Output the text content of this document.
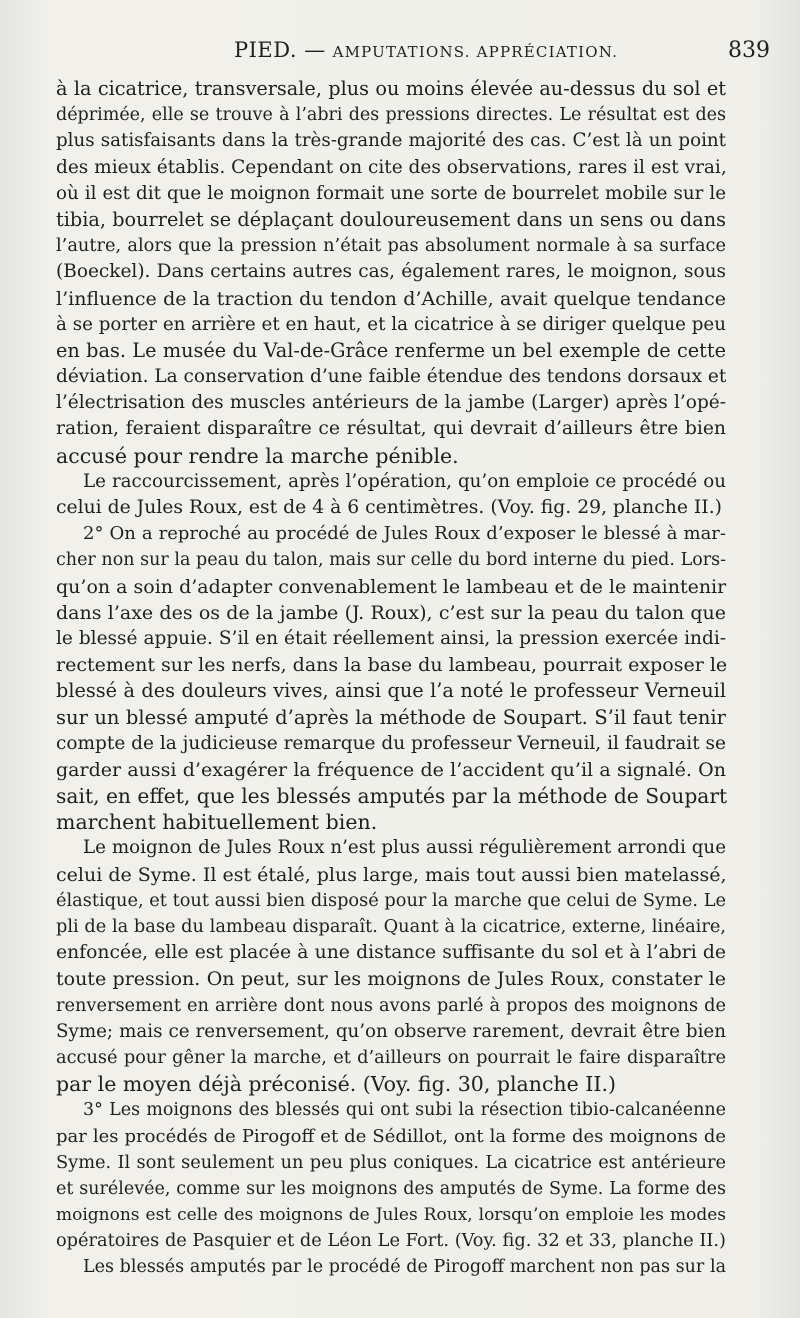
PIED. — AMPUTATIONS. APPRÉCIATION.	839
à la cicatrice, transversale, plus ou moins élevée au-dessus du sol et
déprimée, elle se trouve à l’abri des pressions directes. Le résultat est des
plus satisfaisants dans la très-grande majorité des cas. C’est là un point
des mieux établis. Cependant on cite des observations, rares il est vrai,
où il est dit que le moignon formait une sorte de bourrelet mobile sur le
tibia, bourrelet se déplaçant douloureusement dans un sens ou dans
l’autre, alors que la pression n’était pas absolument normale à sa surface
(Boeckel). Dans certains autres cas, également rares, le moignon, sous
l’influence de la traction du tendon d’Achille, avait quelque tendance
à se porter en arrière et en haut, et la cicatrice à se diriger quelque peu
en bas. Le musée du Val-de-Grâce renferme un bel exemple de cette
déviation. La conservation d’une faible étendue des tendons dorsaux et
l’électrisation des muscles antérieurs de la jambe (Larger) après l’opé-
ration, feraient disparaître ce résultat, qui devrait d’ailleurs être bien
accusé pour rendre la marche pénible.
Le raccourcissement, après l’opération, qu’on emploie ce procédé ou
celui de Jules Roux, est de 4 à 6 centimètres. (Voy. fig. 29, planche II.)
2° On a reproché au procédé de Jules Roux d’exposer le blessé à mar-
cher non sur la peau du talon, mais sur celle du bord interne du pied. Lors-
qu’on a soin d’adapter convenablement le lambeau et de le maintenir
dans l’axe des os de la jambe (J. Roux), c’est sur la peau du talon que
le blessé appuie. S’il en était réellement ainsi, la pression exercée indi-
rectement sur les nerfs, dans la base du lambeau, pourrait exposer le
blessé à des douleurs vives, ainsi que l’a noté le professeur Verneuil
sur un blessé amputé d’après la méthode de Soupart. S’il faut tenir
compte de la judicieuse remarque du professeur Verneuil, il faudrait se
garder aussi d’exagérer la fréquence de l’accident qu’il a signalé. On
sait, en effet, que les blessés amputés par la méthode de Soupart
marchent habituellement bien.
Le moignon de Jules Roux n’est plus aussi régulièrement arrondi que
celui de Syme. Il est étalé, plus large, mais tout aussi bien matelassé,
élastique, et tout aussi bien disposé pour la marche que celui de Syme. Le
pli de la base du lambeau disparaît. Quant à la cicatrice, externe, linéaire,
enfoncée, elle est placée à une distance suffisante du sol et à l’abri de
toute pression. On peut, sur les moignons de Jules Roux, constater le
renversement en arrière dont nous avons parlé à propos des moignons de
Syme; mais ce renversement, qu’on observe rarement, devrait être bien
accusé pour gêner la marche, et d’ailleurs on pourrait le faire disparaître
par le moyen déjà préconisé. (Voy. fig. 30, planche II.)
3° Les moignons des blessés qui ont subi la résection tibio-calcanéenne
par les procédés de Pirogoff et de Sédillot, ont la forme des moignons de
Syme. Il sont seulement un peu plus coniques. La cicatrice est antérieure
et surélevée, comme sur les moignons des amputés de Syme. La forme des
moignons est celle des moignons de Jules Roux, lorsqu’on emploie les modes
opératoires de Pasquier et de Léon Le Fort. (Voy. fig. 32 et 33, planche II.)
Les blessés amputés par le procédé de Pirogoff marchent non pas sur la
